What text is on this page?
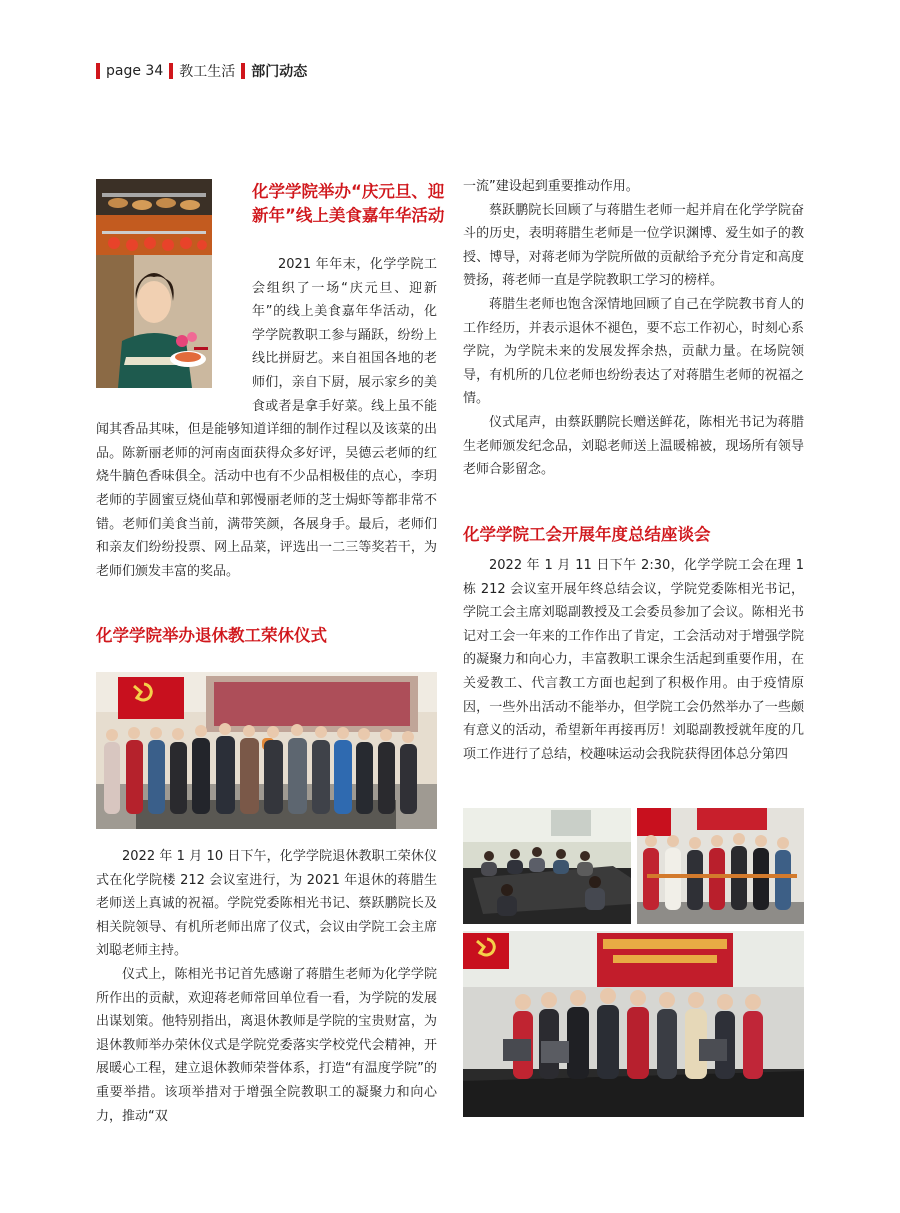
page 34 教工生活 部门动态
化学学院举办“庆元旦、迎新年”线上美食嘉年华活动

2021 年年末，化学学院工会组织了一场“庆元旦、迎新年”的线上美食嘉年华活动，化学学院教职工参与踊跃，纷纷上线比拼厨艺。来自祖国各地的老师们，亲自下厨，展示家乡的美食或者是拿手好菜。线上虽不能闻其香品其味，但是能够知道详细的制作过程以及该菜的出品。陈新丽老师的河南卤面获得众多好评，吴德云老师的红烧牛腩色香味俱全。活动中也有不少品相极佳的点心，李玥老师的芋圆蜜豆烧仙草和郭慢丽老师的芝士焗虾等都非常不错。老师们美食当前，满带笑颜，各展身手。最后，老师们和亲友们纷纷投票、网上品菜，评选出一二三等奖若干，为老师们颁发丰富的奖品。

化学学院举办退休教工荣休仪式

2022 年 1 月 10 日下午，化学学院退休教职工荣休仪式在化学院楼 212 会议室进行，为 2021 年退休的蒋腊生老师送上真诚的祝福。学院党委陈相光书记、蔡跃鹏院长及相关院领导、有机所老师出席了仪式，会议由学院工会主席刘聪老师主持。

仪式上，陈相光书记首先感谢了蒋腊生老师为化学学院所作出的贡献，欢迎蒋老师常回单位看一看，为学院的发展出谋划策。他特别指出，离退休教师是学院的宝贵财富，为退休教师举办荣休仪式是学院党委落实学校党代会精神，开展暖心工程，建立退休教师荣誉体系，打造“有温度学院”的重要举措。该项举措对于增强全院教职工的凝聚力和向心力，推动“双

一流”建设起到重要推动作用。

蔡跃鹏院长回顾了与蒋腊生老师一起并肩在化学学院奋斗的历史，表明蒋腊生老师是一位学识渊博、爱生如子的教授、博导，对蒋老师为学院所做的贡献给予充分肯定和高度赞扬，蒋老师一直是学院教职工学习的榜样。

蒋腊生老师也饱含深情地回顾了自己在学院教书育人的工作经历，并表示退休不褪色，要不忘工作初心，时刻心系学院，为学院未来的发展发挥余热，贡献力量。在场院领导，有机所的几位老师也纷纷表达了对蒋腊生老师的祝福之情。

仪式尾声，由蔡跃鹏院长赠送鲜花，陈相光书记为蒋腊生老师颁发纪念品，刘聪老师送上温暖棉被，现场所有领导老师合影留念。

化学学院工会开展年度总结座谈会

2022 年 1 月 11 日下午 2:30，化学学院工会在理 1 栋 212 会议室开展年终总结会议，学院党委陈相光书记，学院工会主席刘聪副教授及工会委员参加了会议。陈相光书记对工会一年来的工作作出了肯定，工会活动对于增强学院的凝聚力和向心力，丰富教职工课余生活起到重要作用，在关爱教工、代言教工方面也起到了积极作用。由于疫情原因，一些外出活动不能举办，但学院工会仍然举办了一些颇有意义的活动，希望新年再接再厉！刘聪副教授就年度的几项工作进行了总结，校趣味运动会我院获得团体总分第四
